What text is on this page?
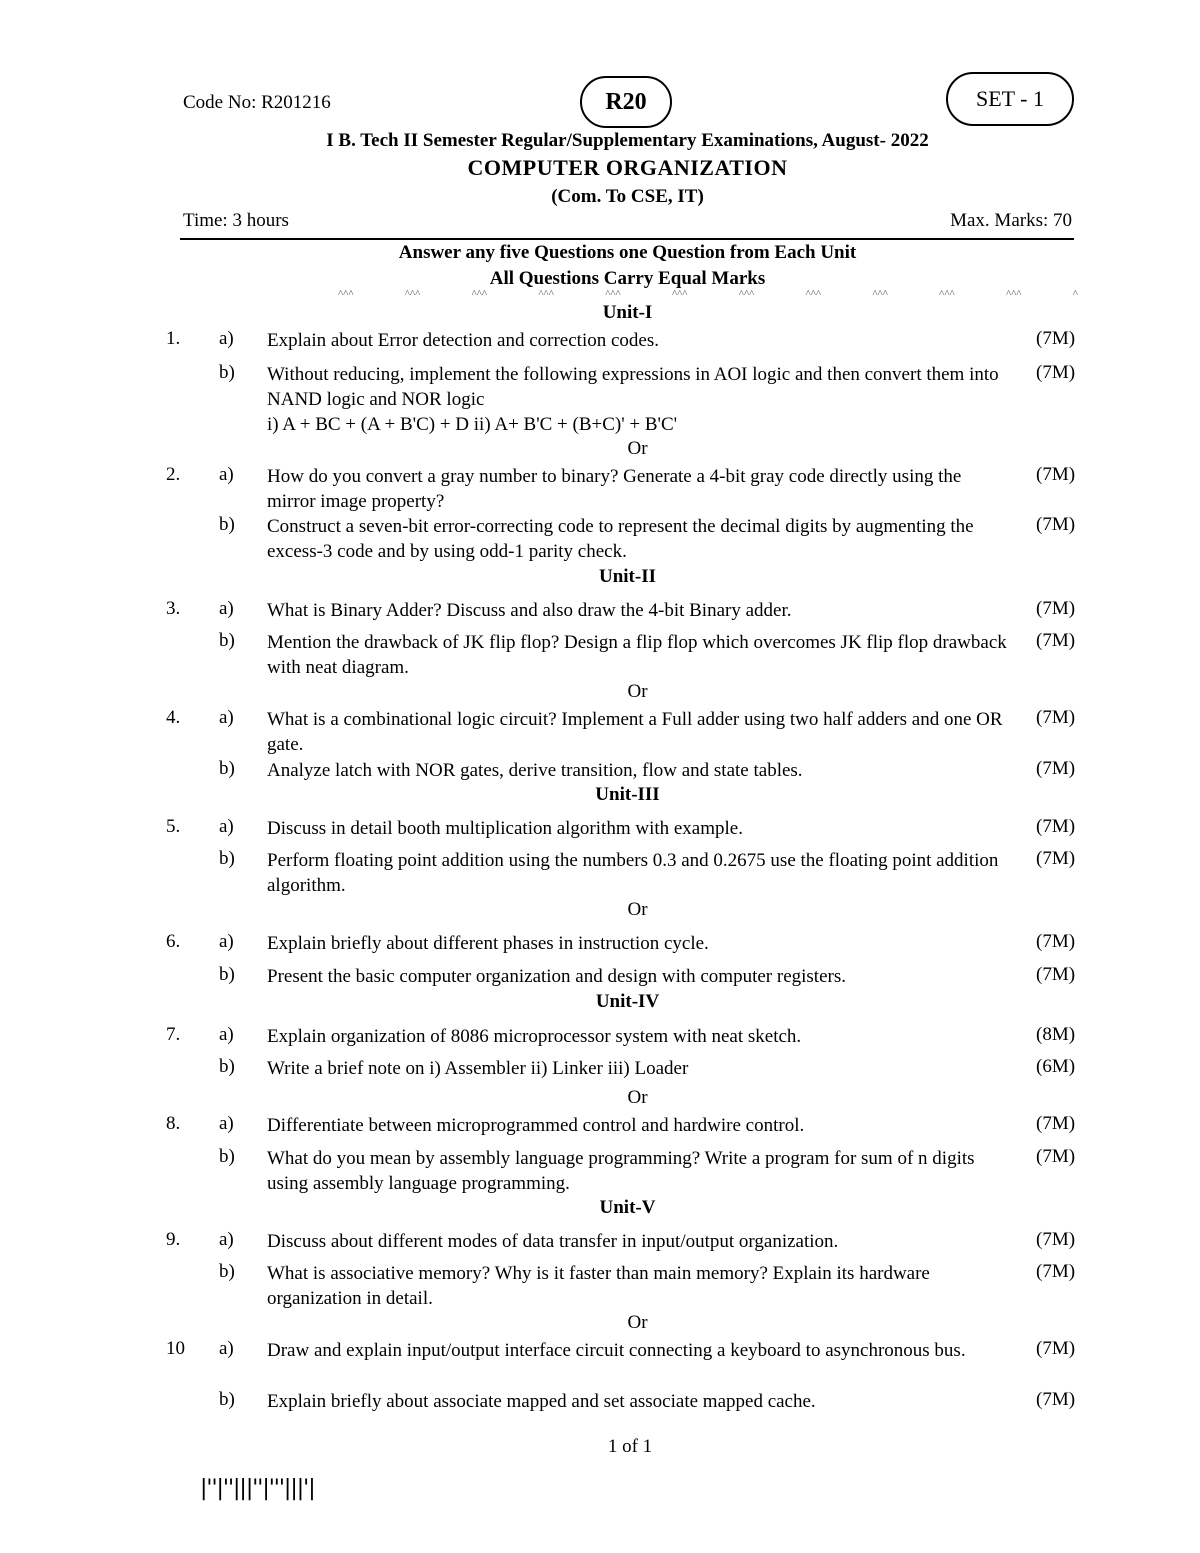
Code No: R201216	R20	SET - 1
I B. Tech II Semester Regular/Supplementary Examinations, August- 2022
COMPUTER ORGANIZATION
(Com. To CSE, IT)
Time: 3 hours	Max. Marks: 70
Answer any five Questions one Question from Each Unit
All Questions Carry Equal Marks
^^^	^^^	^^^	^^^	^^^	^^^	^^^	^^^	^^^	^^^	^^^	^
Unit-I
1. a) Explain about Error detection and correction codes.	(7M)
b) Without reducing, implement the following expressions in AOI logic and then convert them into NAND logic and NOR logic
i) A + BC + (A + B'C) + D ii) A+ B'C + (B+C)' + B'C'
(7M)
Or
2. a) How do you convert a gray number to binary? Generate a 4-bit gray code directly using the mirror image property?
(7M)
b) Construct a seven-bit error-correcting code to represent the decimal digits by augmenting the excess-3 code and by using odd-1 parity check.
(7M)
Unit-II
3. a) What is Binary Adder? Discuss and also draw the 4-bit Binary adder.	(7M)
b) Mention the drawback of JK flip flop? Design a flip flop which overcomes JK flip flop drawback with neat diagram.
(7M)
Or
4. a) What is a combinational logic circuit? Implement a Full adder using two half adders and one OR gate.
(7M)
b) Analyze latch with NOR gates, derive transition, flow and state tables.	(7M)
Unit-III
5. a) Discuss in detail booth multiplication algorithm with example.	(7M)
b) Perform floating point addition using the numbers 0.3 and 0.2675 use the floating point addition algorithm.
(7M)
Or
6. a) Explain briefly about different phases in instruction cycle.	(7M)
b) Present the basic computer organization and design with computer registers.	(7M)
Unit-IV
7. a) Explain organization of 8086 microprocessor system with neat sketch.	(8M)
b) Write a brief note on i) Assembler ii) Linker iii) Loader	(6M)
Or
8. a) Differentiate between microprogrammed control and hardwire control.	(7M)
b) What do you mean by assembly language programming? Write a program for sum of n digits using assembly language programming.
(7M)
Unit-V
9. a) Discuss about different modes of data transfer in input/output organization.	(7M)
b) What is associative memory? Why is it faster than main memory? Explain its hardware organization in detail.
(7M)
Or
10 a) Draw and explain input/output interface circuit connecting a keyboard to asynchronous bus.	(7M)
b) Explain briefly about associate mapped and set associate mapped cache.	(7M)
1 of 1
|''|''|||''|'''|||'|
